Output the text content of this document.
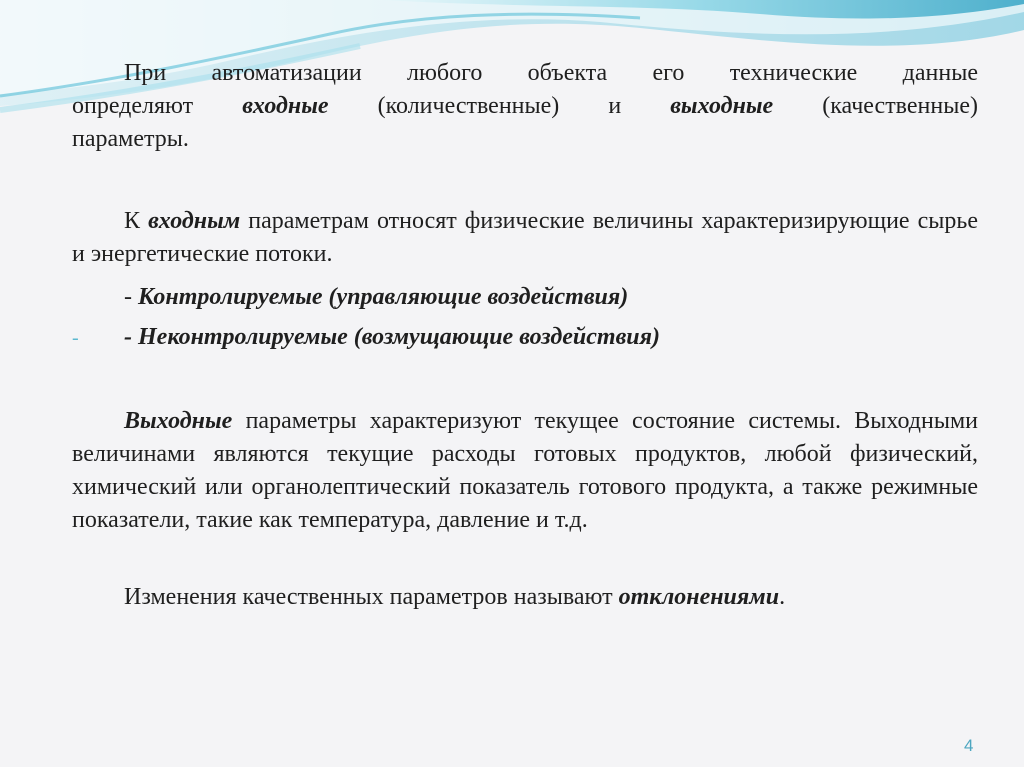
При автоматизации любого объекта его технические данные

определяют входные (количественные) и выходные (качественные)

параметры.

К входным параметрам относят физические величины характеризирующие сырье и энергетические потоки.

- Контролируемые (управляющие воздействия)

- - Неконтролируемые (возмущающие воздействия)

Выходные параметры характеризуют текущее состояние системы. Выходными величинами являются текущие расходы готовых продуктов, любой физический, химический или органолептический показатель готового продукта, а также режимные показатели, такие как температура, давление и т.д.

Изменения качественных параметров называют отклонениями.

4
